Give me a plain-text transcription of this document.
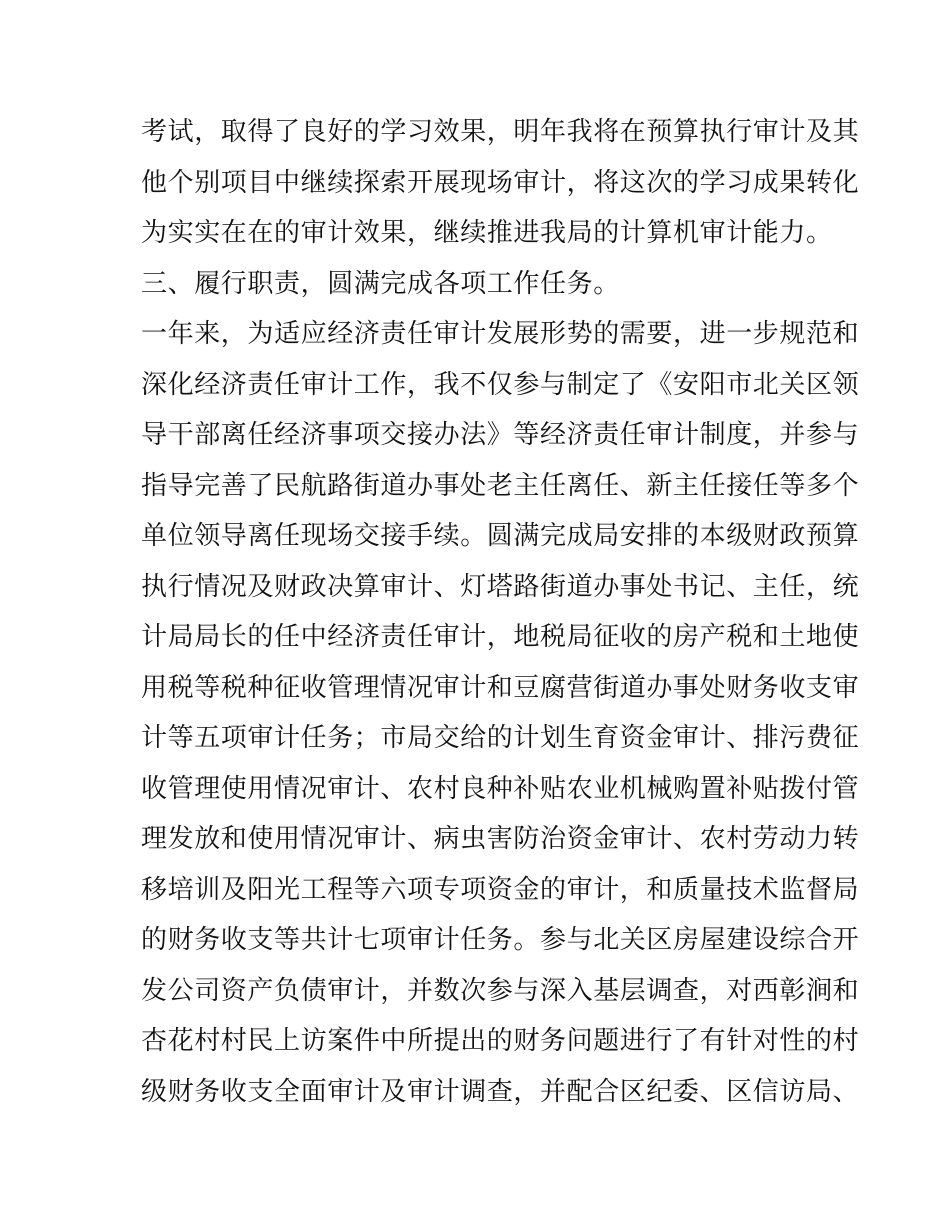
考试，取得了良好的学习效果，明年我将在预算执行审计及其
他个别项目中继续探索开展现场审计，将这次的学习成果转化
为实实在在的审计效果，继续推进我局的计算机审计能力。
三、履行职责，圆满完成各项工作任务。
一年来，为适应经济责任审计发展形势的需要，进一步规范和
深化经济责任审计工作，我不仅参与制定了《安阳市北关区领
导干部离任经济事项交接办法》等经济责任审计制度，并参与
指导完善了民航路街道办事处老主任离任、新主任接任等多个
单位领导离任现场交接手续。圆满完成局安排的本级财政预算
执行情况及财政决算审计、灯塔路街道办事处书记、主任，统
计局局长的任中经济责任审计，地税局征收的房产税和土地使
用税等税种征收管理情况审计和豆腐营街道办事处财务收支审
计等五项审计任务；市局交给的计划生育资金审计、排污费征
收管理使用情况审计、农村良种补贴农业机械购置补贴拨付管
理发放和使用情况审计、病虫害防治资金审计、农村劳动力转
移培训及阳光工程等六项专项资金的审计，和质量技术监督局
的财务收支等共计七项审计任务。参与北关区房屋建设综合开
发公司资产负债审计，并数次参与深入基层调查，对西彰涧和
杏花村村民上访案件中所提出的财务问题进行了有针对性的村
级财务收支全面审计及审计调查，并配合区纪委、区信访局、
